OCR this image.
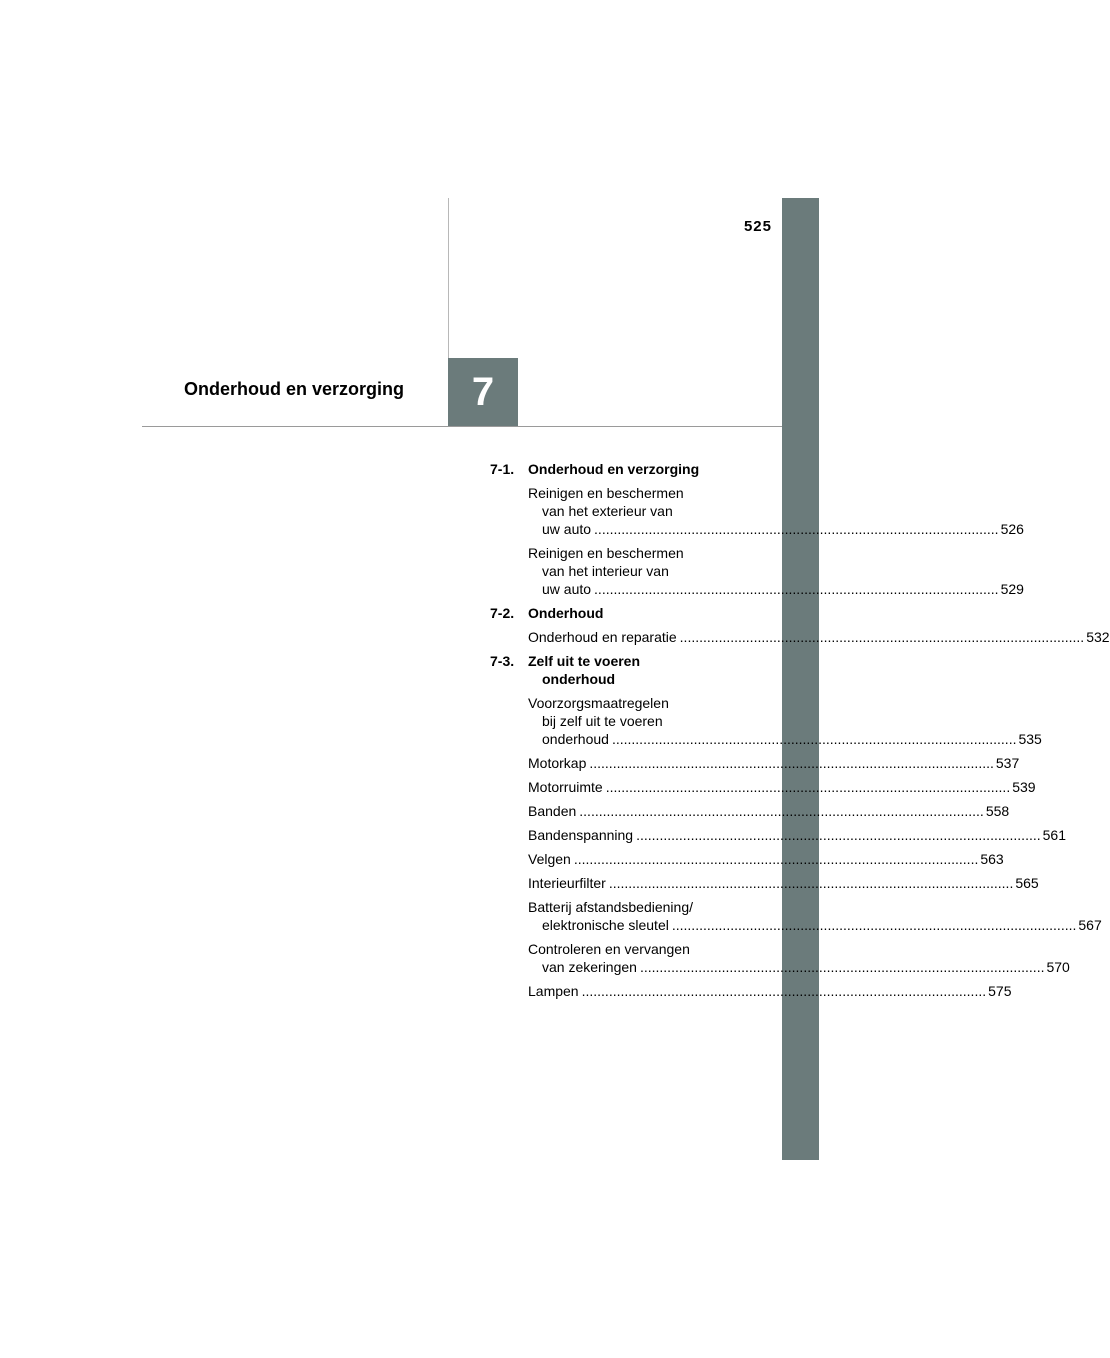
525
7
Onderhoud en verzorging
7-1. Onderhoud en verzorging
Reinigen en beschermen
van het exterieur van
uw auto .....	526
Reinigen en beschermen
van het interieur van
uw auto .....	529
7-2. Onderhoud
Onderhoud en reparatie .....	532
7-3. Zelf uit te voeren
onderhoud
Voorzorgsmaatregelen
bij zelf uit te voeren
onderhoud .....	535
Motorkap .....	537
Motorruimte .....	539
Banden .....	558
Bandenspanning .....	561
Velgen .....	563
Interieurfilter .....	565
Batterij afstandsbediening/
elektronische sleutel .....	567
Controleren en vervangen
van zekeringen .....	570
Lampen .....	575
